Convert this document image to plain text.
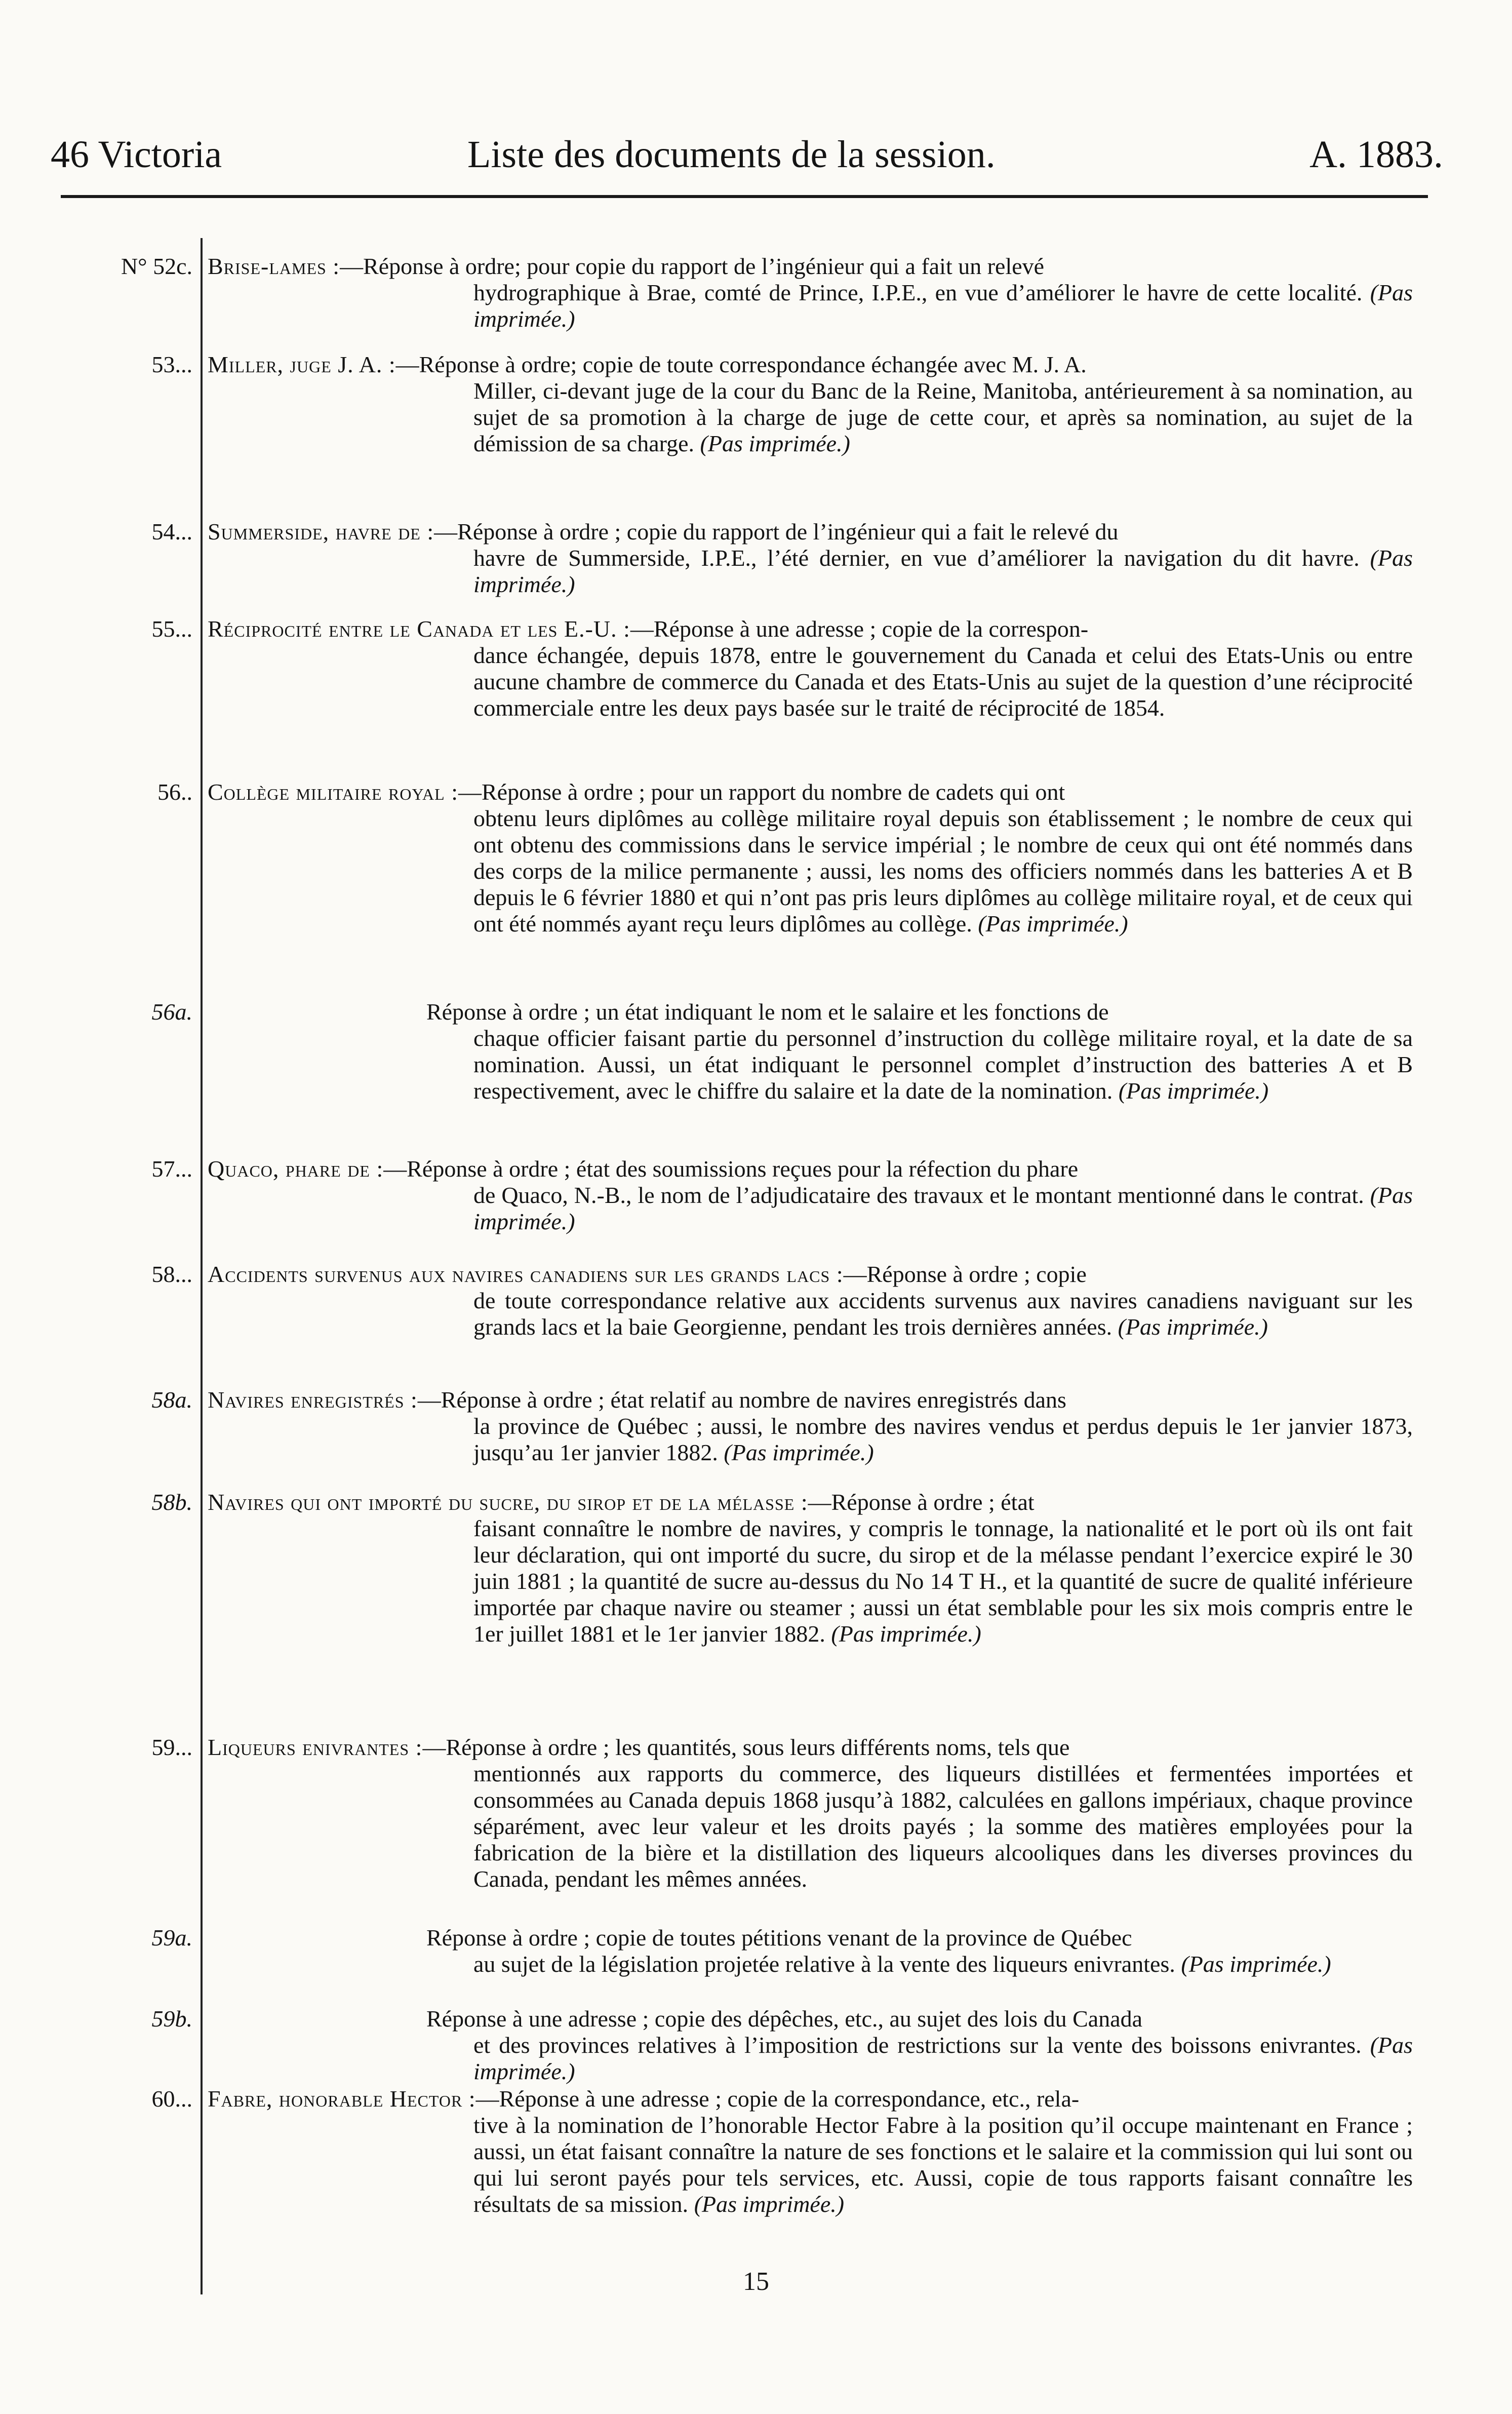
46 Victoria	Liste des documents de la session.	A. 1883.
N° 52c. Brise-lames :—Réponse à ordre; pour copie du rapport de l’ingénieur qui a fait un relevé
hydrographique à Brae, comté de Prince, I.P.E., en vue d’améliorer le havre de cette localité. (Pas imprimée.)
53... Miller, juge J. A. :—Réponse à ordre; copie de toute correspondance échangée avec M. J. A.
Miller, ci-devant juge de la cour du Banc de la Reine, Manitoba, antérieurement à sa nomination, au sujet de sa promotion à la charge de juge de cette cour, et après sa nomination, au sujet de la démission de sa charge. (Pas imprimée.)
54... Summerside, havre de :—Réponse à ordre ; copie du rapport de l’ingénieur qui a fait le relevé du
havre de Summerside, I.P.E., l’été dernier, en vue d’améliorer la navigation du dit havre. (Pas imprimée.)
55... Réciprocité entre le Canada et les E.-U. :—Réponse à une adresse ; copie de la correspon-
dance échangée, depuis 1878, entre le gouvernement du Canada et celui des Etats-Unis ou entre aucune chambre de commerce du Canada et des Etats-Unis au sujet de la question d’une réciprocité commerciale entre les deux pays basée sur le traité de réciprocité de 1854.
56.. Collège militaire royal :—Réponse à ordre ; pour un rapport du nombre de cadets qui ont
obtenu leurs diplômes au collège militaire royal depuis son établissement ; le nombre de ceux qui ont obtenu des commissions dans le service impérial ; le nombre de ceux qui ont été nommés dans des corps de la milice permanente ; aussi, les noms des officiers nommés dans les batteries A et B depuis le 6 février 1880 et qui n’ont pas pris leurs diplômes au collège militaire royal, et de ceux qui ont été nommés ayant reçu leurs diplômes au collège. (Pas imprimée.)
56a.	Réponse à ordre ; un état indiquant le nom et le salaire et les fonctions de
chaque officier faisant partie du personnel d’instruction du collège militaire royal, et la date de sa nomination. Aussi, un état indiquant le personnel complet d’instruction des batteries A et B respectivement, avec le chiffre du salaire et la date de la nomination. (Pas imprimée.)
57... Quaco, phare de :—Réponse à ordre ; état des soumissions reçues pour la réfection du phare
de Quaco, N.-B., le nom de l’adjudicataire des travaux et le montant mentionné dans le contrat. (Pas imprimée.)
58... Accidents survenus aux navires canadiens sur les grands lacs :—Réponse à ordre ; copie
de toute correspondance relative aux accidents survenus aux navires canadiens naviguant sur les grands lacs et la baie Georgienne, pendant les trois dernières années. (Pas imprimée.)
58a. Navires enregistrés :—Réponse à ordre ; état relatif au nombre de navires enregistrés dans
la province de Québec ; aussi, le nombre des navires vendus et perdus depuis le 1er janvier 1873, jusqu’au 1er janvier 1882. (Pas imprimée.)
58b. Navires qui ont importé du sucre, du sirop et de la mélasse :—Réponse à ordre ; état
faisant connaître le nombre de navires, y compris le tonnage, la nationalité et le port où ils ont fait leur déclaration, qui ont importé du sucre, du sirop et de la mélasse pendant l’exercice expiré le 30 juin 1881 ; la quantité de sucre au-dessus du No 14 T H., et la quantité de sucre de qualité inférieure importée par chaque navire ou steamer ; aussi un état semblable pour les six mois compris entre le 1er juillet 1881 et le 1er janvier 1882. (Pas imprimée.)
59... Liqueurs enivrantes :—Réponse à ordre ; les quantités, sous leurs différents noms, tels que
mentionnés aux rapports du commerce, des liqueurs distillées et fermentées importées et consommées au Canada depuis 1868 jusqu’à 1882, calculées en gallons impériaux, chaque province séparément, avec leur valeur et les droits payés ; la somme des matières employées pour la fabrication de la bière et la distillation des liqueurs alcooliques dans les diverses provinces du Canada, pendant les mêmes années.
59a.	Réponse à ordre ; copie de toutes pétitions venant de la province de Québec
au sujet de la législation projetée relative à la vente des liqueurs enivrantes. (Pas imprimée.)
59b.	Réponse à une adresse ; copie des dépêches, etc., au sujet des lois du Canada
et des provinces relatives à l’imposition de restrictions sur la vente des boissons enivrantes. (Pas imprimée.)
60... Fabre, honorable Hector :—Réponse à une adresse ; copie de la correspondance, etc., rela-
tive à la nomination de l’honorable Hector Fabre à la position qu’il occupe maintenant en France ; aussi, un état faisant connaître la nature de ses fonctions et le salaire et la commission qui lui sont ou qui lui seront payés pour tels services, etc. Aussi, copie de tous rapports faisant connaître les résultats de sa mission. (Pas imprimée.)
15
